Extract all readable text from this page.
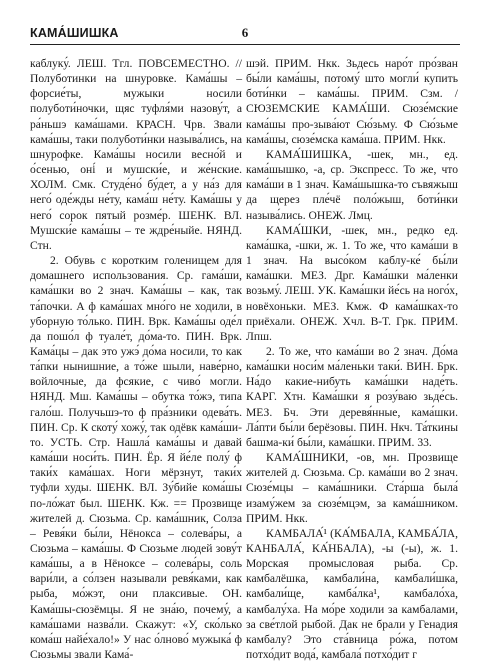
КАМА́ШИШКА	6

каблуку́. ЛЕШ. Тгл. ПОВСЕМЕСТНО. // Полуботинки на шнуровке. Кама́шы – форсие́ты, мужыки носили полуботи́ночки, щяс туфля́ми назову́т, а ра́ньшэ кама́шами. КРАСН. Чрв. Звали кама́шы, таки полуботи́нки называ́лись, на шнурофке. Кама́шы носили весно́й и о́сенью, оні́ и мушски́е, и же́нские. ХОЛМ. Смк. Студе́но́ бу́дет, а у на́з для него́ оде́жды не́ту, кама́ш не́ту. Кама́шы у него́ сорок пятый розме́р. ШЕНК. ВЛ. Мушски́е кама́шы – те ждре́ныйе. НЯНД. Стн.

2. Обувь с коротким голенищем для домашнего использования. Ср. гама́ши, кама́шки во 2 знач. Кама́шы – как, так та́почки. А ф кама́шах мно́го не ходили, в уборную то́лько. ПИН. Врк. Кама́шы оде́л да пошо́л ф туале́т, до́ма-то. ПИН. Врк. Кама́цы – дак это ужэ́ до́ма носили, то как та́пки нынишние, а то́же шыли, наве́рно, войлочные, да фсякие, с чиво́ могли. НЯНД. Мш. Кама́шы – обутка то́жэ, типа гало́ш. Получьшэ-то ф пра́зники одева́ть. ПИН. Ср. К скоту́ хожу́, так одёвк кама́ши-то. УСТЬ. Стр. Нашла́ кама́шы и давай кама́ши носи́ть. ПИН. Ёр. Я йе́ле полу́ ф таки́х кама́шах. Ноги мёрзнут, таки́х туфли худы. ШЕНК. ВЛ. Зу́бийе кома́шы по-ло́жат был. ШЕНК. Кж. == Прозвище жителей д. Сюзьма. Ср. кама́шник, Солза – Ревя́ки бы́ли, Нёнокса – солева́ры, а Сюзьма – кама́шы. Ф Сюзьме людей зову́т кама́шы, а в Нёноксе – солева́ры, соль вари́ли, а со́лзен называли ревя́ками, как рыба, мо́жэт, они плаксивые. ОН. Кама́шы-сюзёмцы. Я не зна́ю, почему́, а кама́шами назва́ли. Скажут: «У, ско́лько кома́ш найе́хало!» У нас о́лново́ мужыка́ ф Сюзьмы звали Кама́-

шэй. ПРИМ. Нкк. Зьдесь наро́т про́зван бы́ли кама́шы, потому́ што могли́ купить боти́нки – кама́шы. ПРИМ. Сзм. / СЮЗЕМСКИЕ КАМА́ШИ. Сюзе́мские кама́шы про-зыва́ют Сю́зьму. Ф Сю́зьме кама́шы, сюзе́мска кама́ша. ПРИМ. Нкк.

КАМА́ШИШКА, -шек, мн., ед. кама́шышко, -а, ср. Экспресс. То же, что кама́ши в 1 знач. Кама́шышка-то съвяжыш да щерез пле́чё поло́жыш, боти́нки называ́лись. ОНЕЖ. Лмц.

КАМА́ШКИ, -шек, мн., редко ед. кама́шка, -шки, ж. 1. То же, что кама́ши в 1 знач. На высо́ком каблу-ке́ бы́ли кама́шки. МЕЗ. Дрг. Кама́шки ма́ленки возьму́. ЛЕШ. УК. Кама́шки йе́сь на ного́х, новёхоньки. МЕЗ. Кмж. Ф кама́шках-то приёхали. ОНЕЖ. Хчл. В-Т. Грк. ПРИМ. Лпш.

2. То же, что кама́ши во 2 знач. До́ма кама́шки носи́м ма́леньки таки́. ВИН. Брк. На́до какие-нибуть кама́шки наде́ть. КАРГ. Хтн. Кама́шки я розу́ваю зьде́сь. МЕЗ. Бч. Эти деревя́нные, кама́шки. Ла́пти бы́ли берёзовы. ПИН. Нкч. Та́ткины башма-ки́ бы́ли, кама́шки. ПРИМ. 33.

КАМА́ШНИКИ, -ов, мн. Прозвище жителей д. Сюзьма. Ср. кама́ши во 2 знач. Сюзе́мцы – кама́шники. Ста́рша была́ изаму́жем за сюзе́мцэм, за кама́шником. ПРИМ. Нкк.

КАМБАЛА́¹ (КА́МБАЛА, КАМБА́ЛА, КАНБАЛА́, КА́НБАЛА), -ы (-ы), ж. 1. Морская промысловая рыба. Ср. камбалёшка, камбали́на, камбали́шка, камбали́ще, камба́лка¹, камбало́ха, камбалу́ха. На мо́ре ходили за камбалами, за све́тлой рыбой. Дак не брали у Генадия камбалу? Это ста́вница ро́жа, потом потхо́дит вода́, камбала́ потхо́дит г
